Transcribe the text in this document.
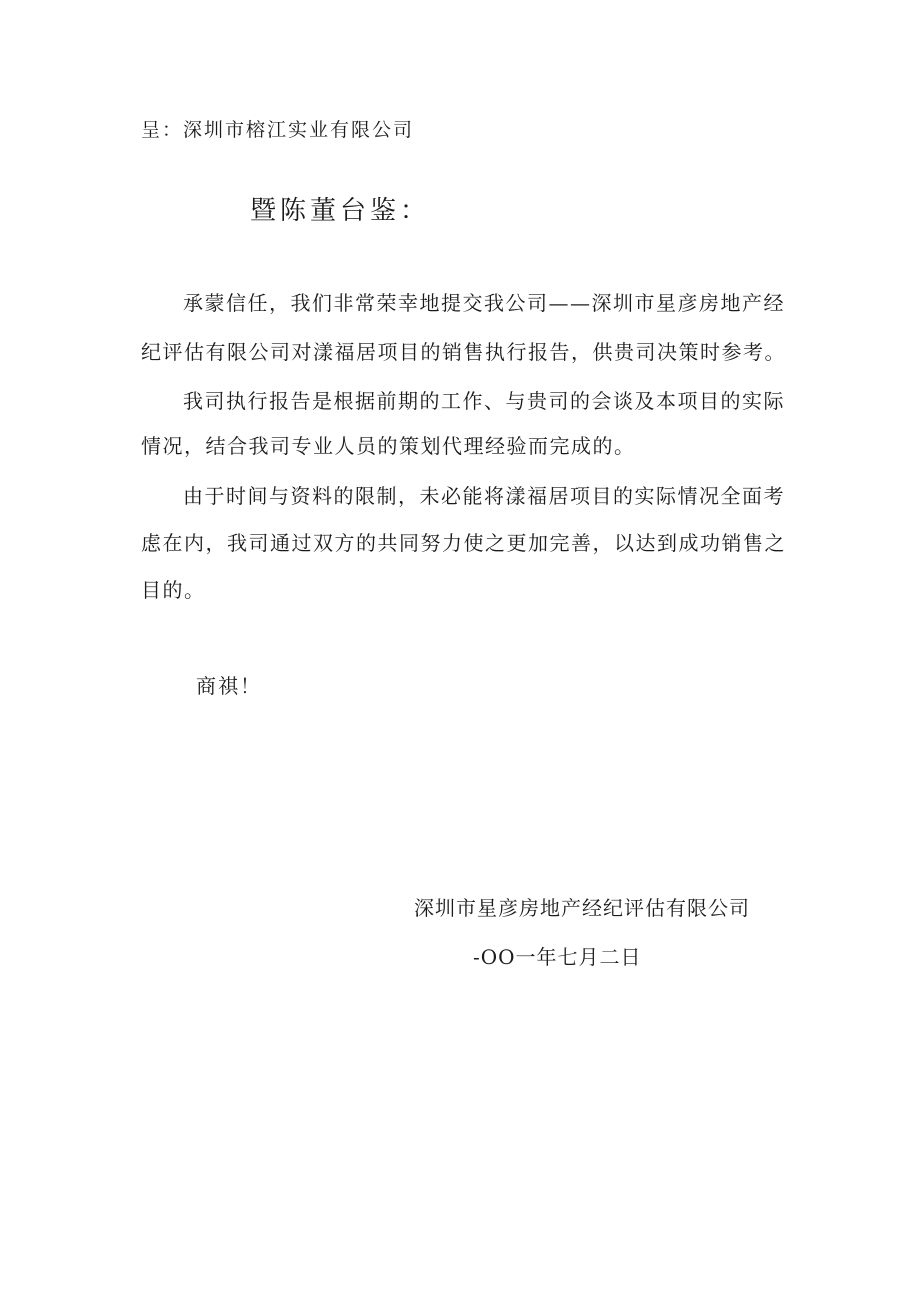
呈：深圳市榕江实业有限公司
暨陈董台鉴：
承蒙信任，我们非常荣幸地提交我公司——深圳市星彦房地产经
纪评估有限公司对漾福居项目的销售执行报告，供贵司决策时参考。
我司执行报告是根据前期的工作、与贵司的会谈及本项目的实际
情况，结合我司专业人员的策划代理经验而完成的。
由于时间与资料的限制，未必能将漾福居项目的实际情况全面考
虑在内，我司通过双方的共同努力使之更加完善，以达到成功销售之
目的。
商祺！
深圳市星彦房地产经纪评估有限公司
-OO一年七月二日
